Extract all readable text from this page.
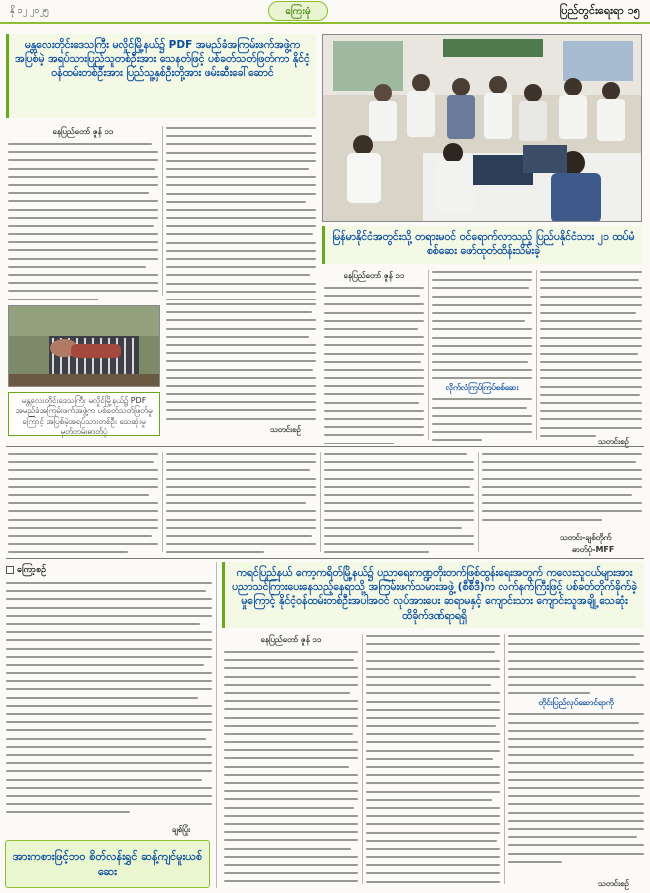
နို ၁၂ ၂၀၂၅	ကြေးမုံ	ပြည်တွင်းရေးရာ ၁၅
မန္တလေးတိုင်းဒေသကြီး မလှိုင်မြို့နယ်၌ PDF အမည်ခံအကြမ်းဖက်အဖွဲ့က အပြစ်မဲ့ အရပ်သားပြည်သူတစ်ဦးအား သေနတ်ဖြင့် ပစ်ခတ်သတ်ဖြတ်ကာ နိုင်ငံ့ဝန်ထမ်းတစ်ဦးအား ပြည်သူ့နှစ်ဦးတို့အား ဖမ်းဆီးခေါ်ဆောင်
နေပြည်တော် ဇူန် ၁၁
သတင်းစဉ်
မန္တလေးတိုင်းဒေသကြီး မလှိုင်မြို့နယ်၌ PDF အမည်ခံအကြမ်းဖက်အဖွဲ့က ပစ်ခတ်သတ်ဖြတ်မှုကြောင့် အပြစ်မဲ့အရပ်သားတစ်ဦး သေဆုံးမှု မှတ်တမ်းဓာတ်ပုံ
မြန်မာနိုင်ငံအတွင်းသို့ တရားမဝင် ဝင်ရောက်လာသည့် ပြည်ပနိုင်ငံသား ၂၁ ထပ်မံစစ်ဆေး ဖော်ထုတ်ထိန်းသိမ်းခဲ့
နေပြည်တော် ဇူန် ၁၁
လိုက်လံကြပ်ကြပ်စစ်ဆေး
သတင်းစဉ်
သတင်း-ချစ်တိုက်
ဓာတ်ပုံ-MFF
ကြော့စဉ်
ချစ်ပြုံး
ကရင်ပြည်နယ် ကော့ကရိတ်မြို့နယ်၌ ပညာရေးကဏ္ဍတိုးတက်ဖြစ်ထွန်းရေးအတွက် ကလေးသူငယ်များအား ပညာသင်ကြားပေးနေသည့်နေရာသို့ အကြမ်းဖက်သမားအဖွဲ့ (စီစီဒီ)က လက်နက်ကြီးဖြင့် ပစ်ခတ်တိုက်ခိုက်ခဲ့မှုကြောင့် နိုင်ငံ့ဝန်ထမ်းတစ်ဦးအပါအဝင် လုပ်အားပေး ဆရာမနှင့် ကျောင်းသား ကျောင်းသူအချို့ သေဆုံး ထိခိုက်ဒဏ်ရာရရှိ
နေပြည်တော် ဇူန် ၁၁
တိုင်းပြည်လုပ်ဆောင်ရာကို
သတင်းစဉ်
အားကစားဖြင့်ဘဝ စိတ်လန်းရွှင် ဆန့်ကျင်မူးယစ်ဆေး
